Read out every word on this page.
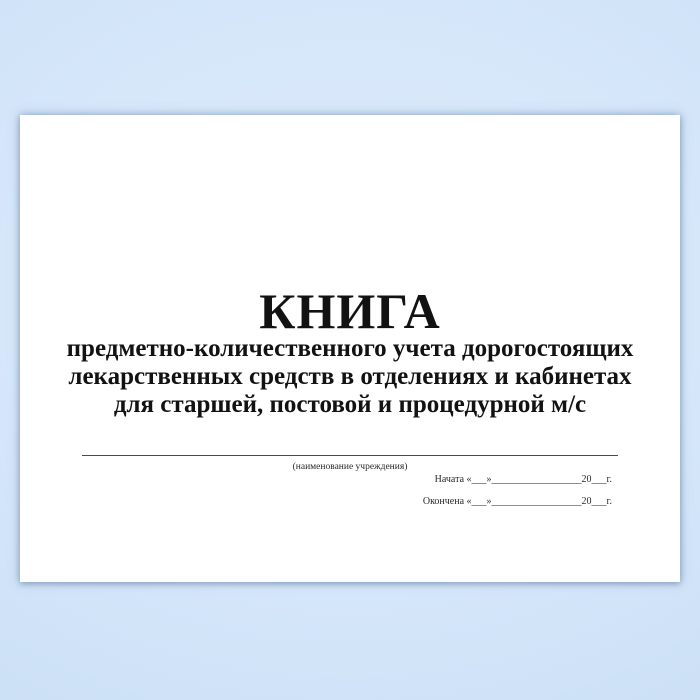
КНИГА
предметно-количественного учета дорогостоящих
лекарственных средств в отделениях и кабинетах
для старшей, постовой и процедурной м/с
(наименование учреждения)
Начата «___»__________________20___г.
Окончена «___»__________________20___г.
